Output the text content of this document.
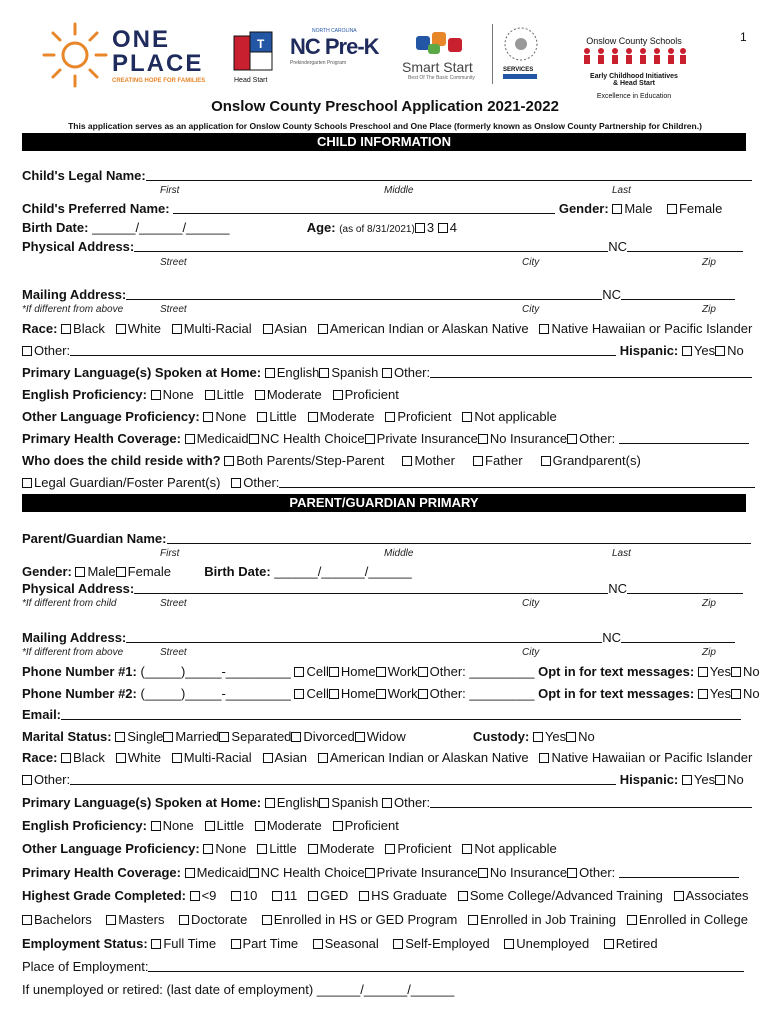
ONE
PLACE
CREATING HOPE FOR FAMILIES
T
Head Start
NORTH CAROLINA
NC Pre-K
Prekindergarten Program	Smart Start
Best Of The Basic Community
SERVICES
1
Onslow County Schools
Early Childhood Initiatives
& Head Start
Excellence in Education
Onslow County Preschool Application 2021-2022
This application serves as an application for Onslow County Schools Preschool and One Place (formerly known as Onslow County Partnership for Children.)
CHILD INFORMATION
Child's Legal Name:
First	Middle	Last
Child's Preferred Name:	Gender: Male Female
Birth Date: ______/______/______	Age: (as of 8/31/2021) 3 4
Physical Address:	NC
Street	City	Zip
Mailing Address:	NC
*If different from above	Street	City	Zip
Race: Black White Multi-Racial Asian American Indian or Alaskan Native Native Hawaiian or Pacific Islander
Other:	Hispanic: Yes No
Primary Language(s) Spoken at Home: English Spanish Other:
English Proficiency: None Little Moderate Proficient
Other Language Proficiency: None Little Moderate Proficient Not applicable
Primary Health Coverage: Medicaid NC Health Choice Private Insurance No Insurance Other:
Who does the child reside with? Both Parents/Step-Parent Mother Father Grandparent(s)
Legal Guardian/Foster Parent(s) Other:
PARENT/GUARDIAN PRIMARY
Parent/Guardian Name:
First	Middle	Last
Gender: Male Female	Birth Date: ______/______/______
Physical Address:	NC
*If different from child	Street	City	Zip
Mailing Address:	NC
*If different from above	Street	City	Zip
Phone Number #1: (_____)_____-_________ Cell Home Work Other: _________ Opt in for text messages: Yes No
Phone Number #2: (_____)_____-_________ Cell Home Work Other: _________ Opt in for text messages: Yes No
Email:
Marital Status: Single Married Separated Divorced Widow	Custody: Yes No
Race: Black White Multi-Racial Asian American Indian or Alaskan Native Native Hawaiian or Pacific Islander
Other:	Hispanic: Yes No
Primary Language(s) Spoken at Home: English Spanish Other:
English Proficiency: None Little Moderate Proficient
Other Language Proficiency: None Little Moderate Proficient Not applicable
Primary Health Coverage: Medicaid NC Health Choice Private Insurance No Insurance Other:
Highest Grade Completed: <9 10 11 GED HS Graduate Some College/Advanced Training Associates
Bachelors Masters Doctorate Enrolled in HS or GED Program Enrolled in Job Training Enrolled in College
Employment Status: Full Time Part Time Seasonal Self-Employed Unemployed Retired
Place of Employment:
If unemployed or retired: (last date of employment) ______/______/______
